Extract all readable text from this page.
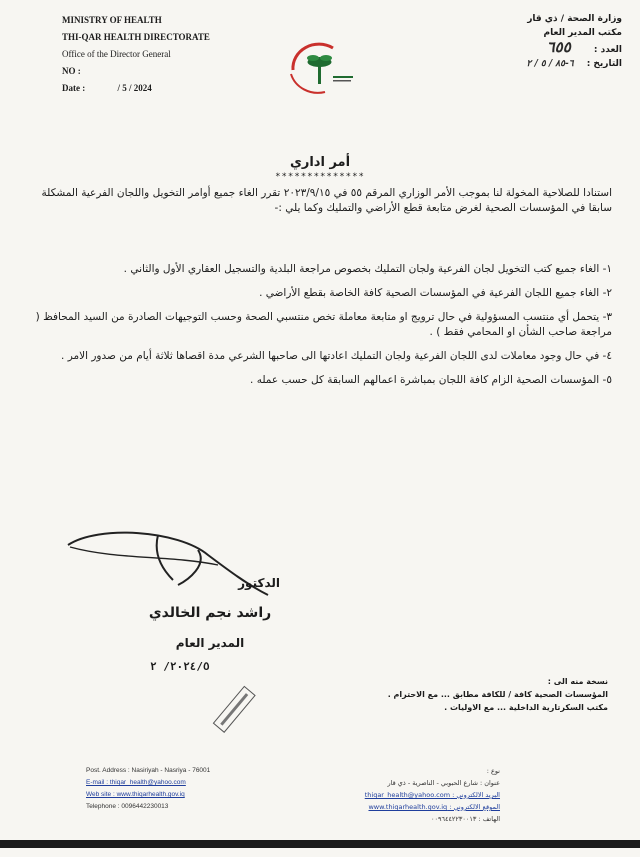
MINISTRY OF HEALTH
THI-QAR HEALTH DIRECTORATE
Office of the Director General
NO :
Date :	/ 5 / 2024
وزارة الصحة / ذي قار
مكتب المدير العام
العدد : ٦٥٥
التاريخ : ٦-٨٥ / ٥ / ٢
أمر اداري
**************
استنادا للصلاحية المخولة لنا بموجب الأمر الوزاري المرقم ٥٥ في ٢٠٢٣/٩/١٥ تقرر الغاء جميع أوامر التخويل واللجان الفرعية المشكلة سابقا في المؤسسات الصحية لغرض متابعة قطع الأراضي والتمليك وكما يلي :-
١- الغاء جميع كتب التخويل لجان الفرعية ولجان التمليك بخصوص مراجعة البلدية والتسجيل العقاري الأول والثاني .
٢- الغاء جميع اللجان الفرعية في المؤسسات الصحية كافة الخاصة بقطع الأراضي .
٣- يتحمل أي منتسب المسؤولية في حال ترويج او متابعة معاملة تخص منتسبي الصحة وحسب التوجيهات الصادرة من السيد المحافظ ( مراجعة صاحب الشأن او المحامي فقط ) .
٤- في حال وجود معاملات لدى اللجان الفرعية ولجان التمليك اعادتها الى صاحبها الشرعي مدة اقصاها ثلاثة أيام من صدور الامر .
٥- المؤسسات الصحية الزام كافة اللجان بمباشرة اعمالهم السابقة كل حسب عمله .
الدكتور
راشد نجم الخالدي
المدير العام
٢٠٢٤/٥/ ٢
نسخة منه الى :
المؤسسات الصحية كافة / للكافة مطابق ... مع الاحترام .
مكتب السكرتارية الداخلية ... مع الاوليات .
Post. Address : Nasiriyah - Nasriya - 76001
E-mail : thiqar_health@yahoo.com
Web site : www.thiqarhealth.gov.iq
Telephone : 0096442230013
نوع :
عنوان : شارع الحبوبي - الناصرية - ذي قار
البريد الالكتروني : thiqar_health@yahoo.com
الموقع الالكتروني : www.thiqarhealth.gov.iq
الهاتف : ٠٠٩٦٤٤٢٢٣٠٠١٣
